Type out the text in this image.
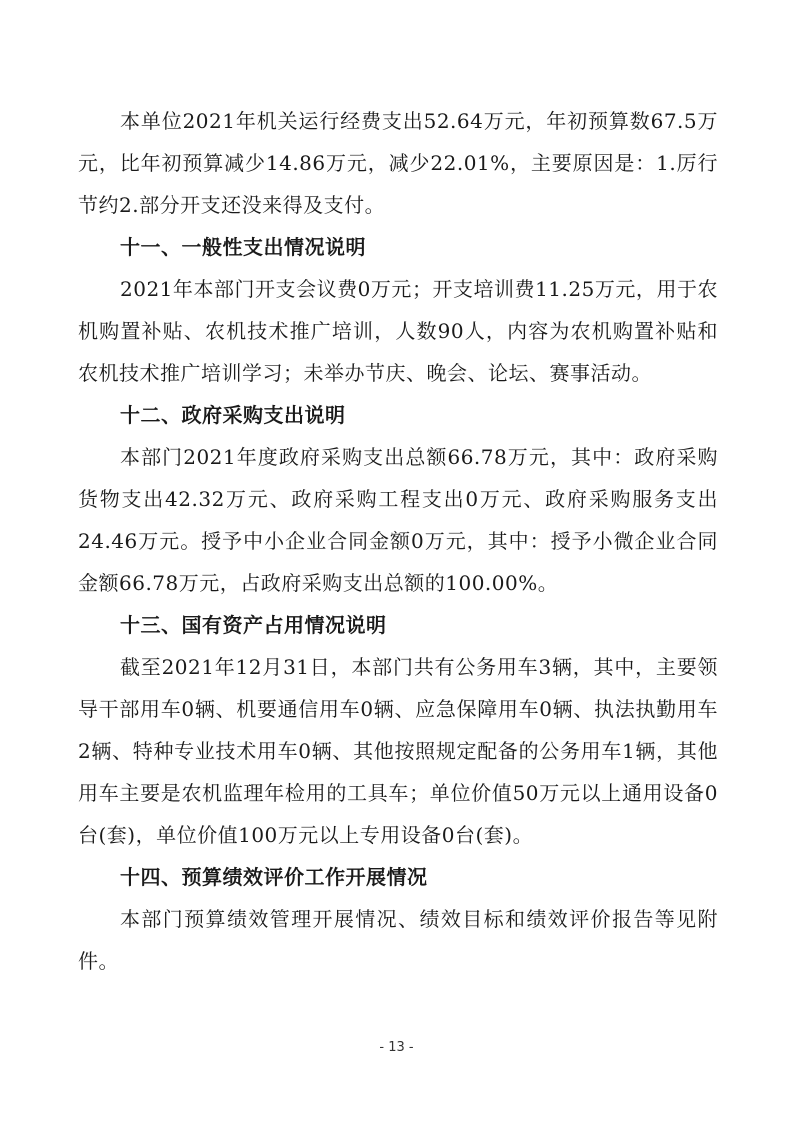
本单位2021年机关运行经费支出52.64万元，年初预算数67.5万元，比年初预算减少14.86万元，减少22.01%，主要原因是：1.厉行节约2.部分开支还没来得及支付。

十一、一般性支出情况说明

2021年本部门开支会议费0万元；开支培训费11.25万元，用于农机购置补贴、农机技术推广培训，人数90人，内容为农机购置补贴和农机技术推广培训学习；未举办节庆、晚会、论坛、赛事活动。

十二、政府采购支出说明

本部门2021年度政府采购支出总额66.78万元，其中：政府采购货物支出42.32万元、政府采购工程支出0万元、政府采购服务支出24.46万元。授予中小企业合同金额0万元，其中：授予小微企业合同金额66.78万元，占政府采购支出总额的100.00%。

十三、国有资产占用情况说明

截至2021年12月31日，本部门共有公务用车3辆，其中，主要领导干部用车0辆、机要通信用车0辆、应急保障用车0辆、执法执勤用车2辆、特种专业技术用车0辆、其他按照规定配备的公务用车1辆，其他用车主要是农机监理年检用的工具车；单位价值50万元以上通用设备0台(套)，单位价值100万元以上专用设备0台(套)。

十四、预算绩效评价工作开展情况

本部门预算绩效管理开展情况、绩效目标和绩效评价报告等见附件。

- 13 -
